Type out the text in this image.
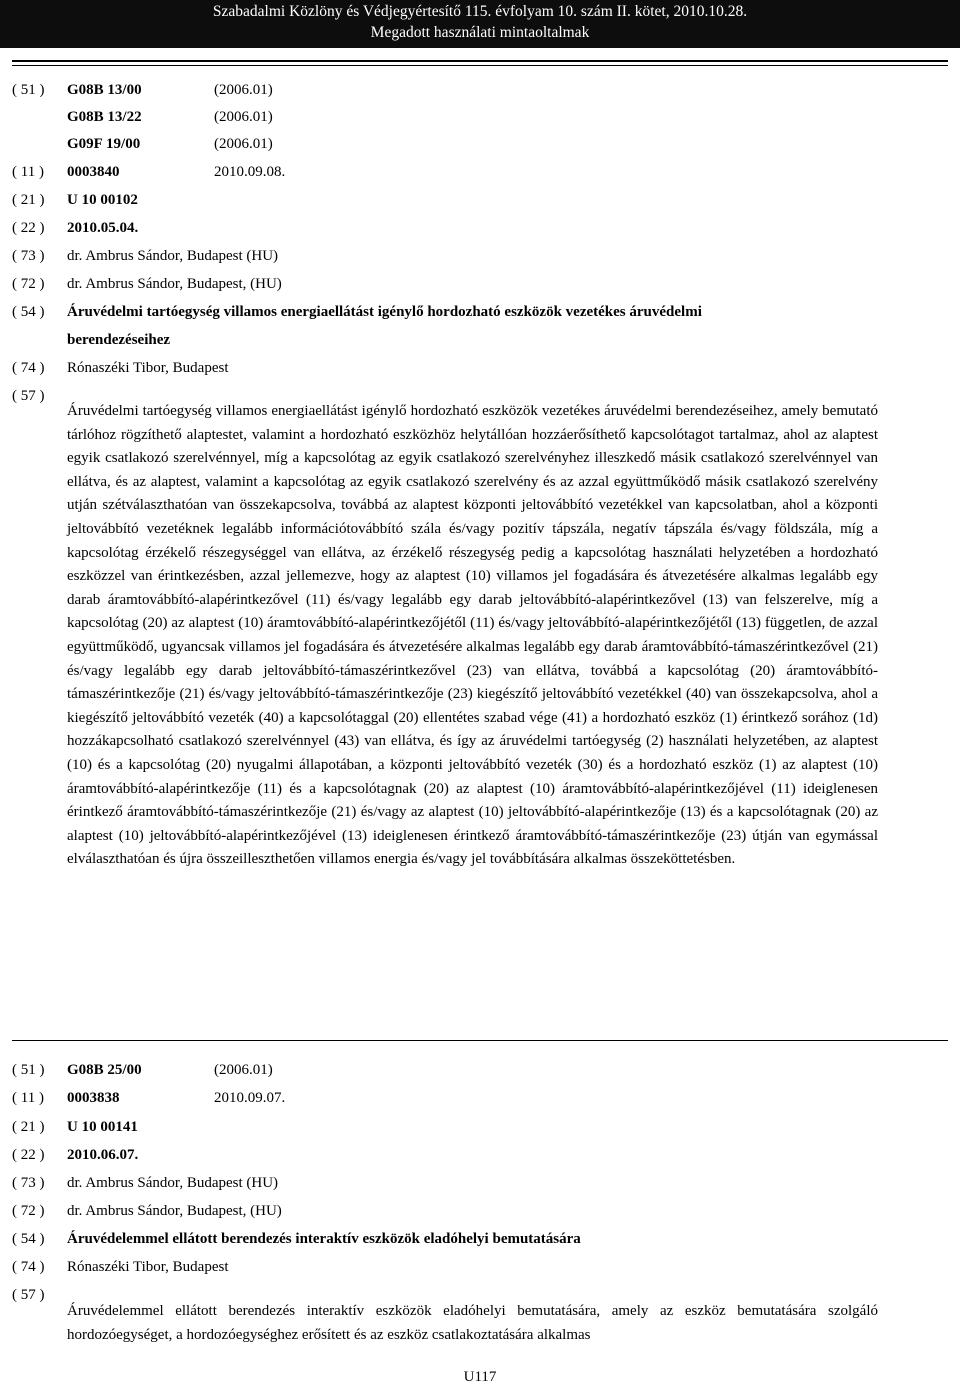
Szabadalmi Közlöny és Védjegyértesítő 115. évfolyam 10. szám II. kötet, 2010.10.28.
Megadott használati mintaoltalmak
( 51 )	G08B 13/00	(2006.01)
G08B 13/22	(2006.01)
G09F 19/00	(2006.01)
( 11 )	0003840	2010.09.08.
( 21 )	U 10 00102
( 22 )	2010.05.04.
( 73 )	dr. Ambrus Sándor, Budapest (HU)
( 72 )	dr. Ambrus Sándor, Budapest, (HU)
( 54 )	Áruvédelmi tartóegység villamos energiaellátást igénylő hordozható eszközök vezetékes áruvédelmi
berendezéseihez
( 74 )	Rónaszéki Tibor, Budapest
( 57 )

Áruvédelmi tartóegység villamos energiaellátást igénylő hordozható eszközök vezetékes áruvédelmi berendezéseihez, amely bemutató tárlóhoz rögzíthető alaptestet, valamint a hordozható eszközhöz helytállóan hozzáerősíthető kapcsolótagot tartalmaz, ahol az alaptest egyik csatlakozó szerelvénnyel, míg a kapcsolótag az egyik csatlakozó szerelvényhez illeszkedő másik csatlakozó szerelvénnyel van ellátva, és az alaptest, valamint a kapcsolótag az egyik csatlakozó szerelvény és az azzal együttműködő másik csatlakozó szerelvény utján szétválaszthatóan van összekapcsolva, továbbá az alaptest központi jeltovábbító vezetékkel van kapcsolatban, ahol a központi jeltovábbító vezetéknek legalább információtovábbító szála és/vagy pozitív tápszála, negatív tápszála és/vagy földszála, míg a kapcsolótag érzékelő részegységgel van ellátva, az érzékelő részegység pedig a kapcsolótag használati helyzetében a hordozható eszközzel van érintkezésben, azzal jellemezve, hogy az alaptest (10) villamos jel fogadására és átvezetésére alkalmas legalább egy darab áramtovábbító-alapérintkezővel (11) és/vagy legalább egy darab jeltovábbító-alapérintkezővel (13) van felszerelve, míg a kapcsolótag (20) az alaptest (10) áramtovábbító-alapérintkezőjétől (11) és/vagy jeltovábbító-alapérintkezőjétől (13) független, de azzal együttműködő, ugyancsak villamos jel fogadására és átvezetésére alkalmas legalább egy darab áramtovábbító-támaszérintkezővel (21) és/vagy legalább egy darab jeltovábbító-támaszérintkezővel (23) van ellátva, továbbá a kapcsolótag (20) áramtovábbító-támaszérintkezője (21) és/vagy jeltovábbító-támaszérintkezője (23) kiegészítő jeltovábbító vezetékkel (40) van összekapcsolva, ahol a kiegészítő jeltovábbító vezeték (40) a kapcsolótaggal (20) ellentétes szabad vége (41) a hordozható eszköz (1) érintkező sorához (1d) hozzákapcsolható csatlakozó szerelvénnyel (43) van ellátva, és így az áruvédelmi tartóegység (2) használati helyzetében, az alaptest (10) és a kapcsolótag (20) nyugalmi állapotában, a központi jeltovábbító vezeték (30) és a hordozható eszköz (1) az alaptest (10) áramtovábbító-alapérintkezője (11) és a kapcsolótagnak (20) az alaptest (10) áramtovábbító-alapérintkezőjével (11) ideiglenesen érintkező áramtovábbító-támaszérintkezője (21) és/vagy az alaptest (10) jeltovábbító-alapérintkezője (13) és a kapcsolótagnak (20) az alaptest (10) jeltovábbító-alapérintkezőjével (13) ideiglenesen érintkező áramtovábbító-támaszérintkezője (23) útján van egymással elválaszthatóan és újra összeilleszthetően villamos energia és/vagy jel továbbítására alkalmas összeköttetésben.

( 51 )	G08B 25/00	(2006.01)
( 11 )	0003838	2010.09.07.
( 21 )	U 10 00141
( 22 )	2010.06.07.
( 73 )	dr. Ambrus Sándor, Budapest (HU)
( 72 )	dr. Ambrus Sándor, Budapest, (HU)
( 54 )	Áruvédelemmel ellátott berendezés interaktív eszközök eladóhelyi bemutatására
( 74 )	Rónaszéki Tibor, Budapest
( 57 )

Áruvédelemmel ellátott berendezés interaktív eszközök eladóhelyi bemutatására, amely az eszköz bemutatására szolgáló hordozóegységet, a hordozóegységhez erősített és az eszköz csatlakoztatására alkalmas

U117
